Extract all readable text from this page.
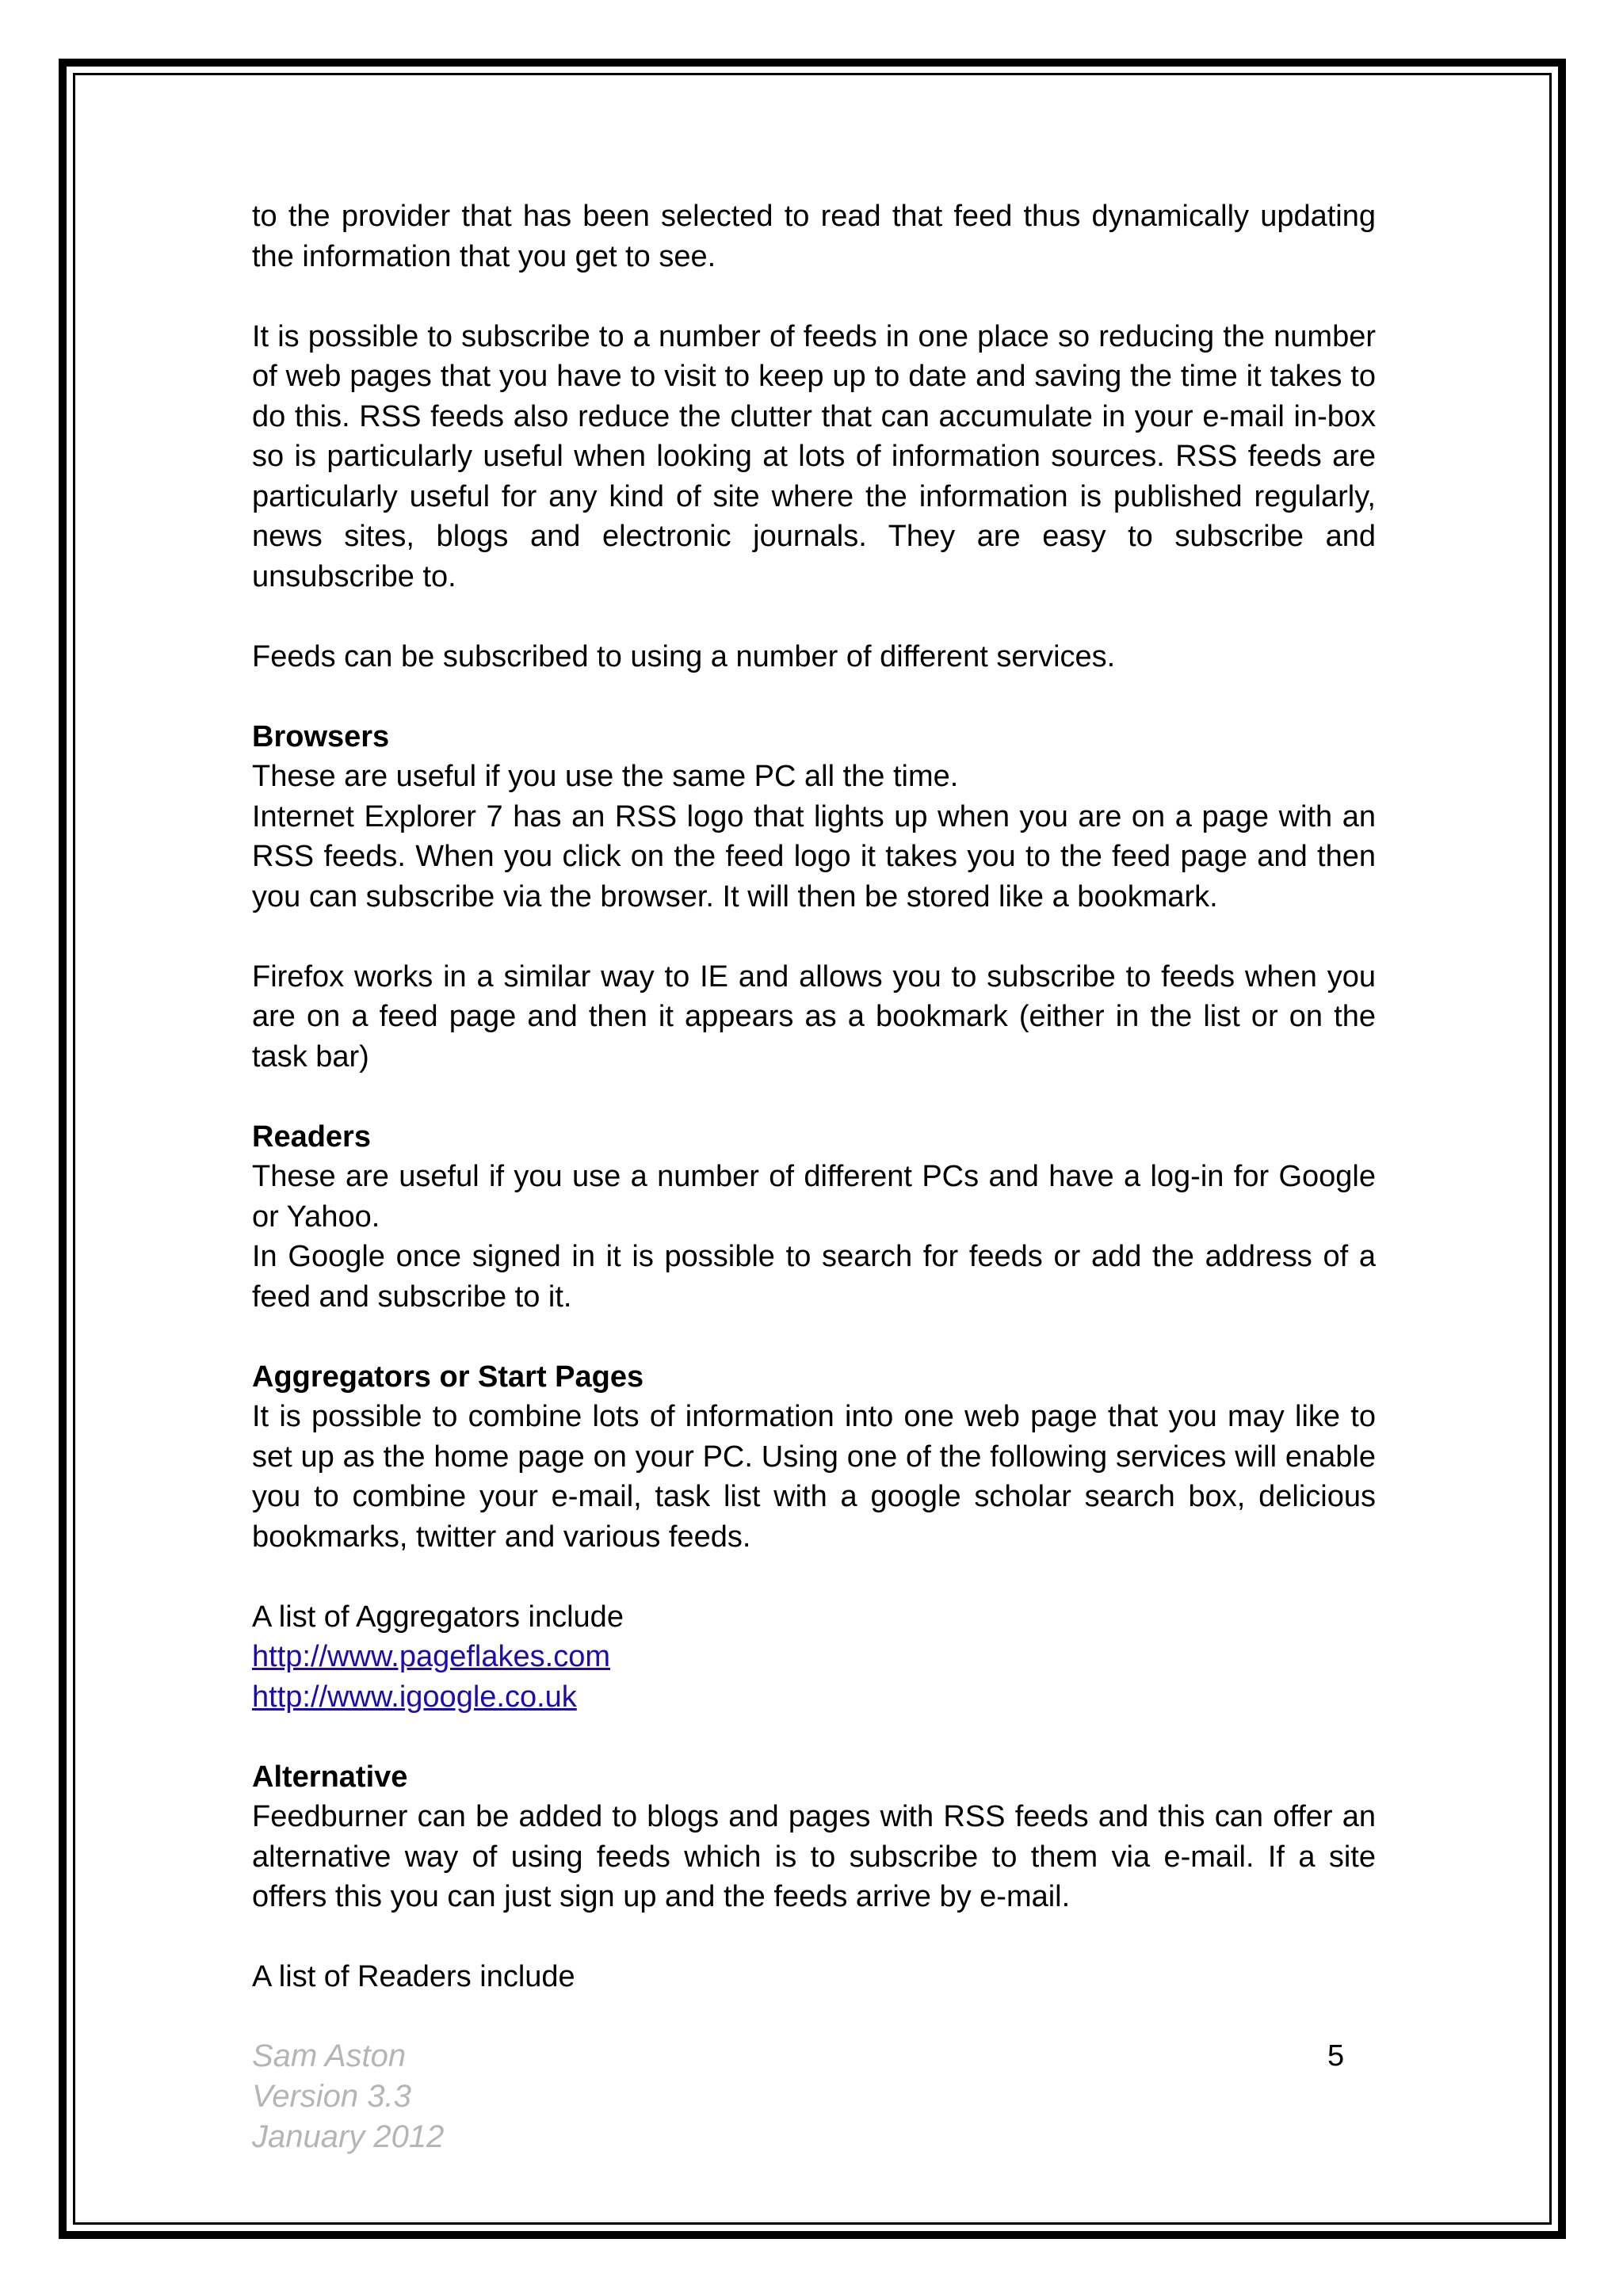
to the provider that has been selected to read that feed thus dynamically updating the information that you get to see.

It is possible to subscribe to a number of feeds in one place so reducing the number of web pages that you have to visit to keep up to date and saving the time it takes to do this. RSS feeds also reduce the clutter that can accumulate in your e-mail in-box so is particularly useful when looking at lots of information sources. RSS feeds are particularly useful for any kind of site where the information is published regularly, news sites, blogs and electronic journals. They are easy to subscribe and unsubscribe to.

Feeds can be subscribed to using a number of different services.

Browsers

These are useful if you use the same PC all the time.

Internet Explorer 7 has an RSS logo that lights up when you are on a page with an RSS feeds. When you click on the feed logo it takes you to the feed page and then you can subscribe via the browser. It will then be stored like a bookmark.

Firefox works in a similar way to IE and allows you to subscribe to feeds when you are on a feed page and then it appears as a bookmark (either in the list or on the task bar)

Readers

These are useful if you use a number of different PCs and have a log-in for Google or Yahoo.

In Google once signed in it is possible to search for feeds or add the address of a feed and subscribe to it.

Aggregators or Start Pages

It is possible to combine lots of information into one web page that you may like to set up as the home page on your PC. Using one of the following services will enable you to combine your e-mail, task list with a google scholar search box, delicious bookmarks, twitter and various feeds.

A list of Aggregators include

http://www.pageflakes.com
http://www.igoogle.co.uk

Alternative

Feedburner can be added to blogs and pages with RSS feeds and this can offer an alternative way of using feeds which is to subscribe to them via e-mail. If a site offers this you can just sign up and the feeds arrive by e-mail.

A list of Readers include

Sam Aston
Version 3.3
January 2012
5
